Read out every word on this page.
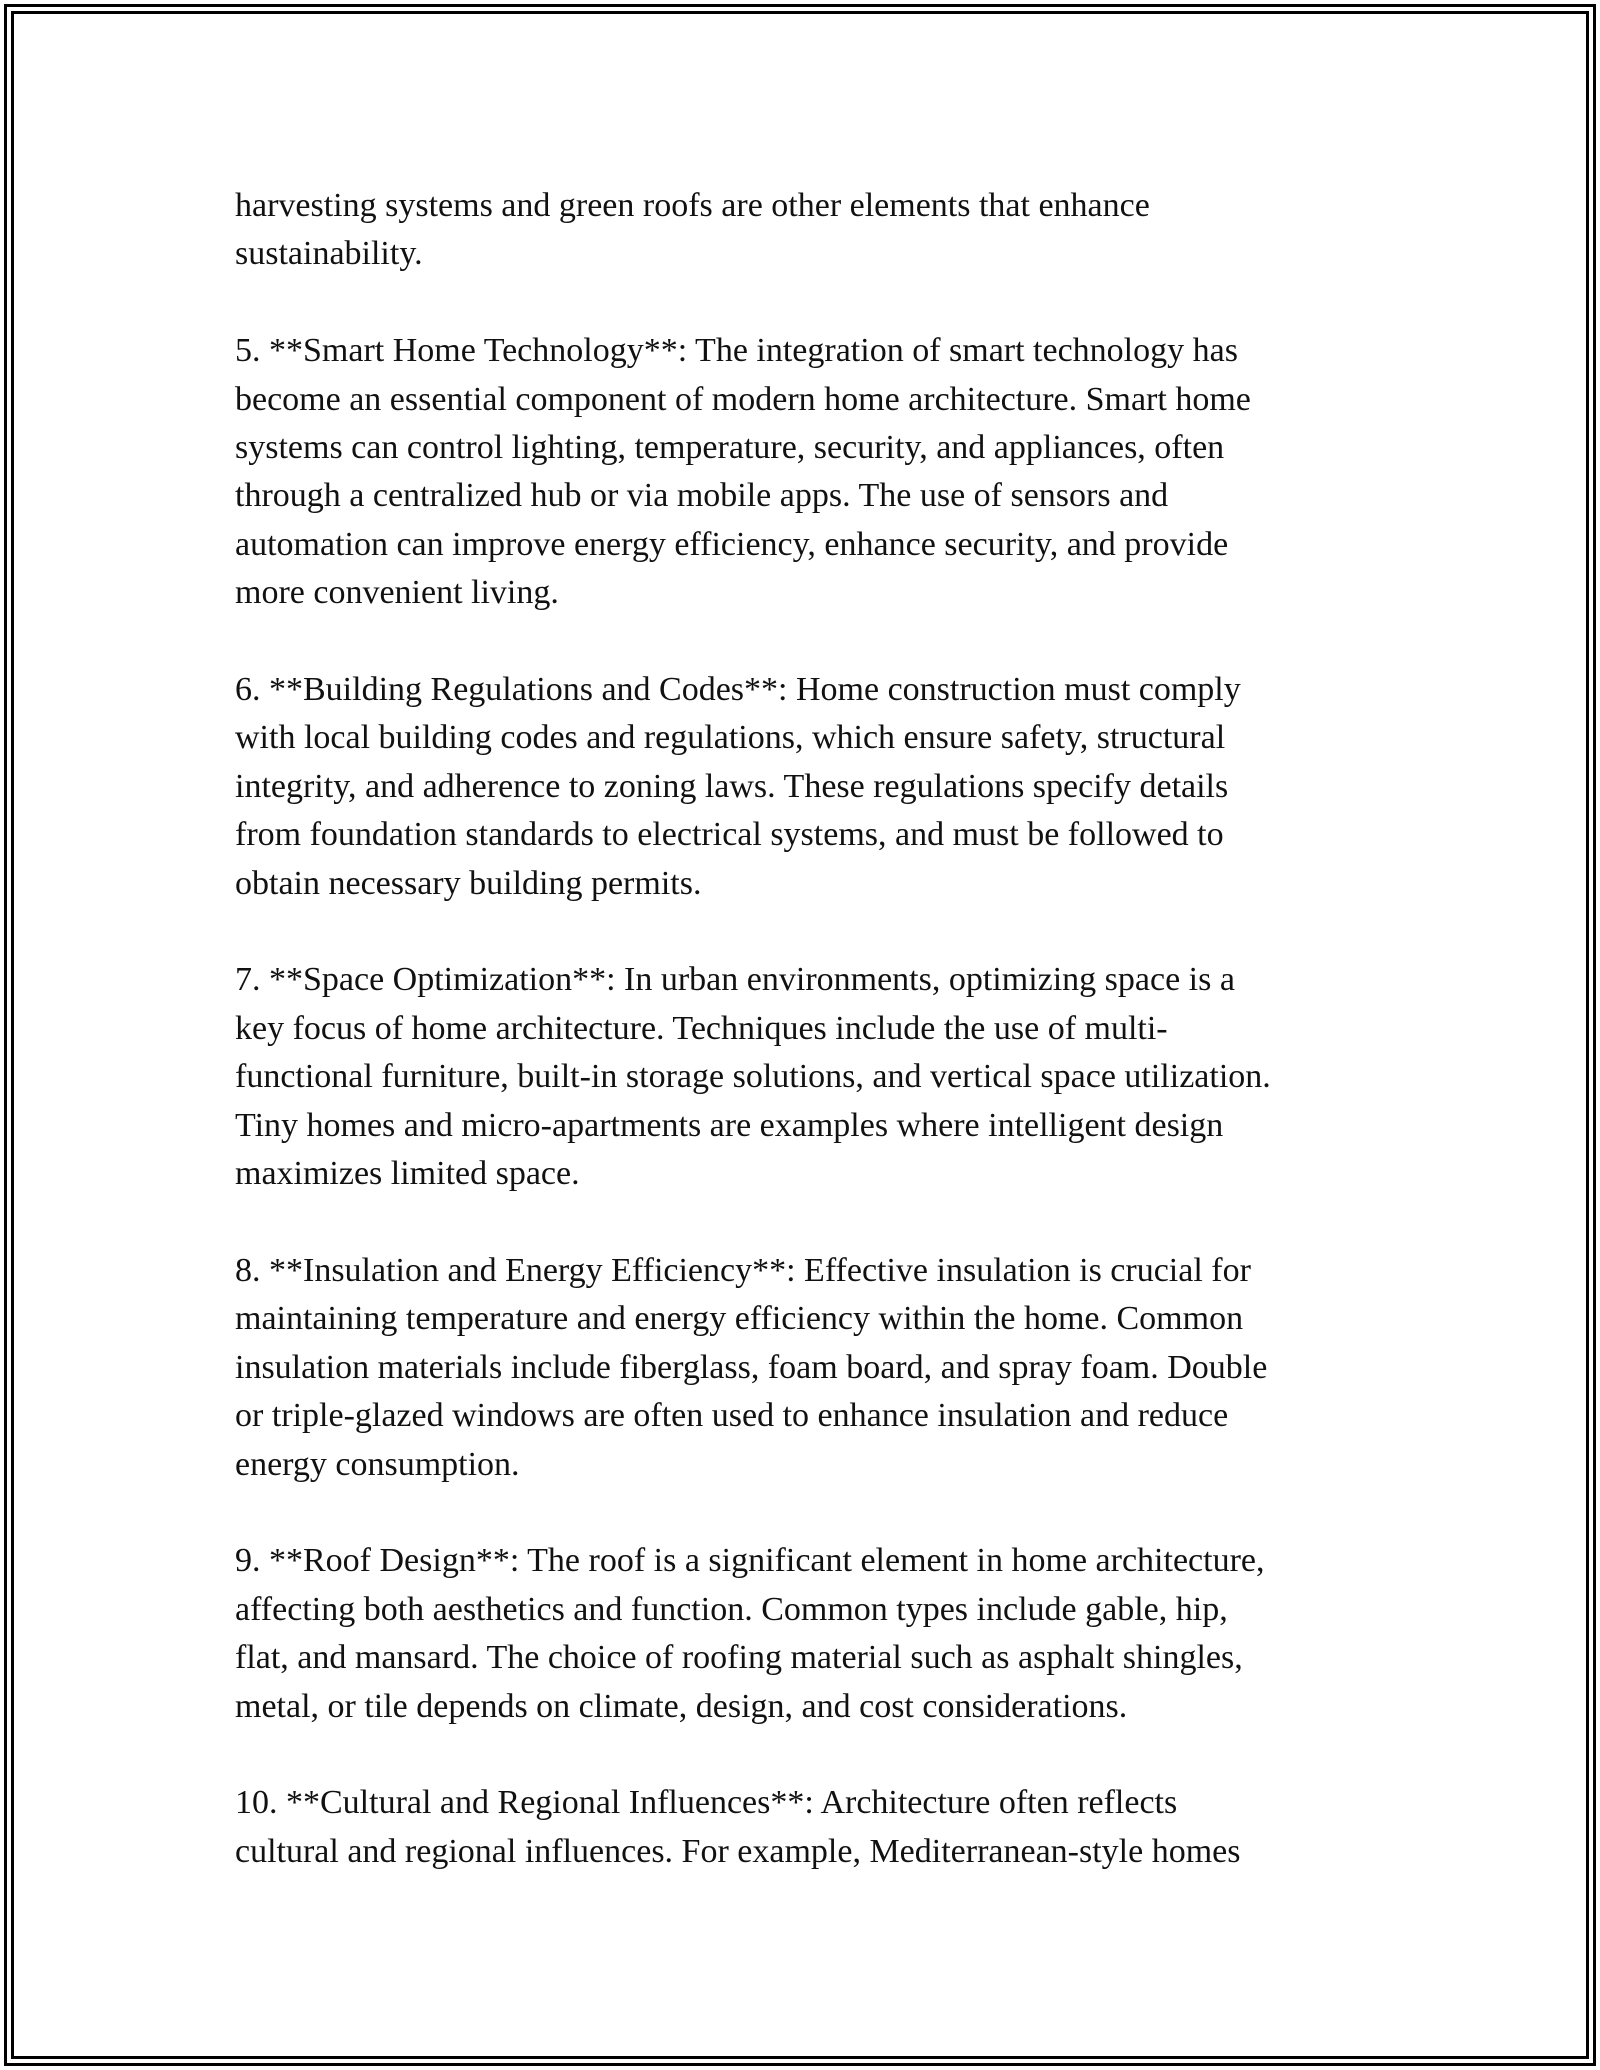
harvesting systems and green roofs are other elements that enhance
sustainability.

5. **Smart Home Technology**: The integration of smart technology has
become an essential component of modern home architecture. Smart home
systems can control lighting, temperature, security, and appliances, often
through a centralized hub or via mobile apps. The use of sensors and
automation can improve energy efficiency, enhance security, and provide
more convenient living.

6. **Building Regulations and Codes**: Home construction must comply
with local building codes and regulations, which ensure safety, structural
integrity, and adherence to zoning laws. These regulations specify details
from foundation standards to electrical systems, and must be followed to
obtain necessary building permits.

7. **Space Optimization**: In urban environments, optimizing space is a
key focus of home architecture. Techniques include the use of multi-
functional furniture, built-in storage solutions, and vertical space utilization.
Tiny homes and micro-apartments are examples where intelligent design
maximizes limited space.

8. **Insulation and Energy Efficiency**: Effective insulation is crucial for
maintaining temperature and energy efficiency within the home. Common
insulation materials include fiberglass, foam board, and spray foam. Double
or triple-glazed windows are often used to enhance insulation and reduce
energy consumption.

9. **Roof Design**: The roof is a significant element in home architecture,
affecting both aesthetics and function. Common types include gable, hip,
flat, and mansard. The choice of roofing material such as asphalt shingles,
metal, or tile depends on climate, design, and cost considerations.

10. **Cultural and Regional Influences**: Architecture often reflects
cultural and regional influences. For example, Mediterranean-style homes
